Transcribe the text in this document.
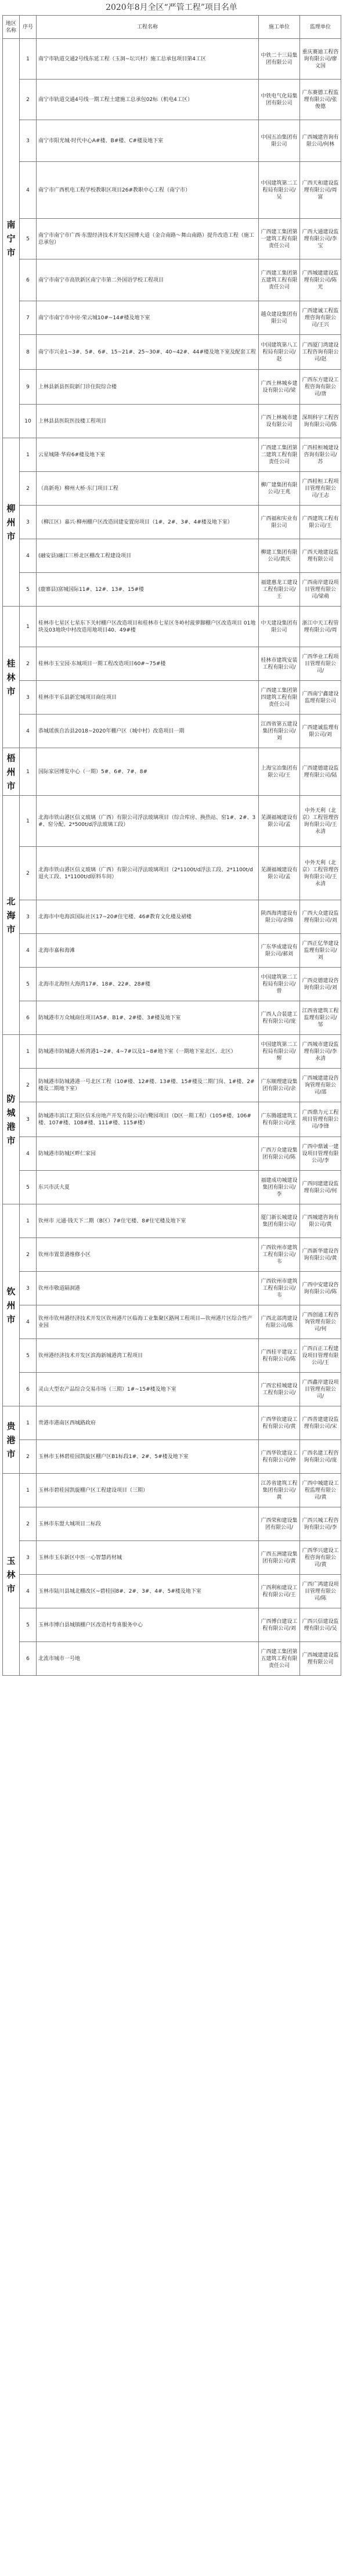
2020年8月全区“严管工程”项目名单
地区名称	序号	工程名称	施工单位	监理单位
南宁市	1	南宁市轨道交通2号线东延工程（玉洞~坛兴村）施工总承包项目第4工区	中铁二十三局集团有限公司	重庆赛迪工程咨询有限公司/廖文国
	2	南宁市轨道交通4号线一期工程土建施工总承包02标（机电4工区）	中铁电气化局集团有限公司	广东赛德工程监理有限公司/张俊德
	3	南宁市阳光城·时代中心A#楼、B#楼、C#楼及地下室	中国五冶集团有限公司	广西城建咨询有限公司/何林
	4	南宁市广西机电工程学校教职区项目26#教职中心工程（南宁市）	中国建筑第二工程局有限公司/吴	广西天和建设监理有限公司/周富
	5	南宁市南宁市广西·东盟经济技术开发区园博大道（金合南路～舞山南路）提升改造工程（施工总承包）	广西建工集团第一建筑工程有限责任公司	广西大通建设监理有限公司/李宝
	6	南宁市南宁市高铁新区南宁市第二外国语学校工程项目	广西建工集团第五建筑工程有限责任公司	广西城建建设监理有限公司/陈光
	7	南宁市南宁市中房·荣云城10#~14#楼及地下室	越众建设集团有限公司	广西建诚工程监理咨询有限公司/王兴
	8	南宁市兴业1~3#、5#、6#、15~21#、25~30#、40~42#、44#楼及地下室及配套工程	中国建筑第八工程局有限公司/赵	广西厦门湾建设工程咨询有限公司/赵
	9	上林县新县医院新门诊住院综合楼	广西土林城乡建设有限公司/梁	广西东方建设工程咨询有限公司/唐
	10	上林县县医院医技楼工程项目	广西上林城市建设有限公司	深圳科宇工程咨询有限公司/陈
柳州市	1	云星城隆·华府6#楼及地下室	广西建工集团第二建筑工程有限责任公司	广西桂桓城建设咨询有限公司/苏
	2	（高新苑）柳州大桥·东门项目工程	柳广建集团有限公司/王兆	广西桂桓工程项目管理有限公司/王志
	3	（柳江区）嘉兴·柳州棚户区改造回建安置房项目（1#、2#、3#、4#楼及地下室）	广西福和实业有限公司	广西建筑工程有限公司/王
	4	(融安县)融江三桥北区棚改工程建设项目	柳建工集团有限公司/黄庆	广西天地建设监理有限公司
	5	(鹿寨县)富城国际11#、12#、13#、15#楼	福建惠龙工建设工程有限公司/王	广西南岸建设项目管理有限公司/梁萌
桂林市	1	桂林市七星区七星东下关村棚户区改造项目和桂林市七星区冬岭村菠萝脚棚户区改造项目 01地块及03地块中村改造用地项目40、49#楼	中天建设集团有限公司	浙江中天工程管理有限公司/周
	2	桂林市玉宝园·东城项目一期工程改造项目60#~75#楼	桂林市建筑安装工程有限公司/	广西华业工程项目管理有限公司/
	3	桂林市平乐县新宏城项目商住项目	广西建工集团第四建筑工程有限责任公司	广西南宁鑫建设监理有限公司
	4	恭城瑶族自治县2018~2020年棚户区（城中村）改造项目一期	江西省第五建设集团有限公司/刘	广西建诚监理有限公司/刘
梧州市	1	国际家居博览中心（一期）5#、6#、7#、8#	上海宝冶集团有限公司/王	广西建德建设监理有限公司/陆
北海市	1	北海市铁山港区信义玻璃（广西）有限公司浮法玻璃项目（综合库房、换热站、窑1#、2#、3#、窑分配、2*500t/d浮法玻璃工段）	芜湖福城建设有限公司/孟	中外天利（北京）工程管理咨询有限公司/王永清
	2	北海市铁山港区信义玻璃（广西）有限公司浮法玻璃项目（2*1100t/d浮法工段、2*1100t/d退火工段、1*1100t/d原料车间）	芜湖福城建设有限公司/孟	中外天利（北京）工程管理咨询有限公司/王永清
	3	北海市中电海滨国际社区17~20#住宅楼、46#教育文化楼及裙楼	陕西海湾建设有限公司/余锦	广西大众建设监理有限公司/刘
	4	北海市嘉和海滩	广东华成建设有限公司/郝刘	广西正亿华建设监理有限公司/刘
	5	北海市北海恒大海湾17#、18#、22#、28#楼	中国建筑第二工程局有限公司/曾	广西竞德建设咨询有限公司/刘
	6	防城港市万众城商住项目A5#、B1#、2#楼、3#楼及地下室	广西人合装建工程有限公司/庞	江西省建筑工程监理有限公司/邹
防城港市	1	防城港市防城港大桥湾港1~2#、4~7#以及1~8#地下室（一期地下室北区、北区）	中国建筑第二工程局有限公司/辉	广西城市建设监理有限公司/李永清
	2	防城港市防城港港一号北区工程（10#楼、12#楼、13#楼、15#楼及二期门岗、1#楼、2#楼及二期地下室）	广东顺理建设集团有限公司/余	广西城建建设咨询管理有限公司/邵
	3	防城港市滨江汇阳区信禾房地产开发有限公司白鹭园项目（D区一期工程）（105#楼、106#楼、107#楼、108#楼、111#楼、115#楼）	广东腾越建筑工程有限公司/张	广西鼎力元工程项目管理有限公司/李锋
	4	防城港市防城区畔仁家园	广西万众建设集团有限公司/陈	广西中鼎诚一建设项目管理有限公司/李
	5	东兴市沃大夏	福建成功城建设集团有限公司/李	广西同建建设监理有限公司/何
钦州市	1	钦州市 元通·钱天下二期（B区）7#住宅楼、8#住宅楼及地下室	厦门新长城建设集团有限公司/	广西城建咨询有限公司/黄
	2	钦州市置景港维修小区	广西钦州市建筑工程有限公司/韦	广西新华建设咨询有限公司/黄
	3	钦州市敬道隔洞港	广西钦州市建筑工程有限公司/韦	广西中安建设咨询有限公司/陈
	4	钦州市钦州港经济技术开发区钦州港片区临海工业集聚区路网工程项目—钦州港片区综合性产业园	广西北部湾建设有限公司/陈	广西创通工程咨询管理有限公司/何
	5	钦州港经济技术开发区滨海新城港湾工程项目	广西桂平建设工程有限公司/陈	广西百正工程建设项目管理有限公司/王
	6	灵山大型农产品综合交易市场（三期）1#~15#楼及地下室	广西宏桂城建设工程有限公司/	广西鑫岸建设项目管理有限公司/
贵港市	1	贵港市港南区西城路政府	广西华钦建设工程有限公司/黄	广西普建建设监理有限公司/宋
	2	玉林市玉林碧桂园凯旋区棚户区B1标段1#、2#、5#楼及地下室	广西华钦建设工程有限公司/钟	广西名建工程咨询有限公司/庞
玉林市	1	玉林市碧桂园凯旋棚户区工程建设项目（三期）	江苏省建筑工程集团有限公司/黄	广西中城建设工程监理有限公司/黄
	2	玉林市东盟大城项目二标段	广西荣和建设集团有限公司/	广西兴城工程咨询有限公司/李
	3	玉林市玉东新区中医一心智慧药材城	广西五洲建设集团有限公司/黄	广西华兴建设工程咨询有限公司/黄
	4	玉林市陆川县城北棚改区~碧桂园8#、2#、3#、4#、5#楼及地下室	广西利和建设工程有限公司/王	广西广鸿建设项目管理有限公司/陈
	5	玉林市博白县城镇棚户区改造村寿喜服务中心	广西博白建设工程有限公司/刘	广西兴信建设监理有限公司/吴
	6	北流市城市一号地	广西建工集团第五建筑工程有限责任公司	广西城建建设监理有限公司
